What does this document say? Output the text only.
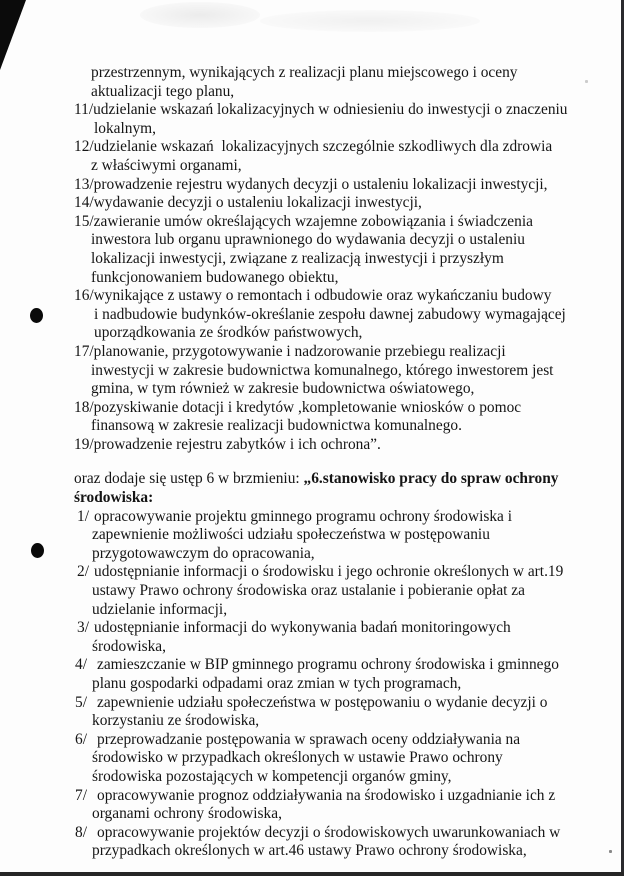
przestrzennym, wynikających z realizacji planu miejscowego i oceny
aktualizacji tego planu,
11/udzielanie wskazań lokalizacyjnych w odniesieniu do inwestycji o znaczeniu
lokalnym,
12/udzielanie wskazań  lokalizacyjnych szczególnie szkodliwych dla zdrowia
z właściwymi organami,
13/prowadzenie rejestru wydanych decyzji o ustaleniu lokalizacji inwestycji,
14/wydawanie decyzji o ustaleniu lokalizacji inwestycji,
15/zawieranie umów określających wzajemne zobowiązania i świadczenia
inwestora lub organu uprawnionego do wydawania decyzji o ustaleniu
lokalizacji inwestycji, związane z realizacją inwestycji i przyszłym
funkcjonowaniem budowanego obiektu,
16/wynikające z ustawy o remontach i odbudowie oraz wykańczaniu budowy
i nadbudowie budynków-określanie zespołu dawnej zabudowy wymagającej
uporządkowania ze środków państwowych,
17/planowanie, przygotowywanie i nadzorowanie przebiegu realizacji
inwestycji w zakresie budownictwa komunalnego, którego inwestorem jest
gmina, w tym również w zakresie budownictwa oświatowego,
18/pozyskiwanie dotacji i kredytów ,kompletowanie wniosków o pomoc
finansową w zakresie realizacji budownictwa komunalnego.
19/prowadzenie rejestru zabytków i ich ochrona”.
oraz dodaje się ustęp 6 w brzmieniu: „6.stanowisko pracy do spraw ochrony
środowiska:
1/ opracowywanie projektu gminnego programu ochrony środowiska i
zapewnienie możliwości udziału społeczeństwa w postępowaniu
przygotowawczym do opracowania,
2/ udostępnianie informacji o środowisku i jego ochronie określonych w art.19
ustawy Prawo ochrony środowiska oraz ustalanie i pobieranie opłat za
udzielanie informacji,
3/ udostępnianie informacji do wykonywania badań monitoringowych
środowiska,
4/ zamieszczanie w BIP gminnego programu ochrony środowiska i gminnego
planu gospodarki odpadami oraz zmian w tych programach,
5/ zapewnienie udziału społeczeństwa w postępowaniu o wydanie decyzji o
korzystaniu ze środowiska,
6/ przeprowadzanie postępowania w sprawach oceny oddziaływania na
środowisko w przypadkach określonych w ustawie Prawo ochrony
środowiska pozostających w kompetencji organów gminy,
7/ opracowywanie prognoz oddziaływania na środowisko i uzgadnianie ich z
organami ochrony środowiska,
8/ opracowywanie projektów decyzji o środowiskowych uwarunkowaniach w
przypadkach określonych w art.46 ustawy Prawo ochrony środowiska,
